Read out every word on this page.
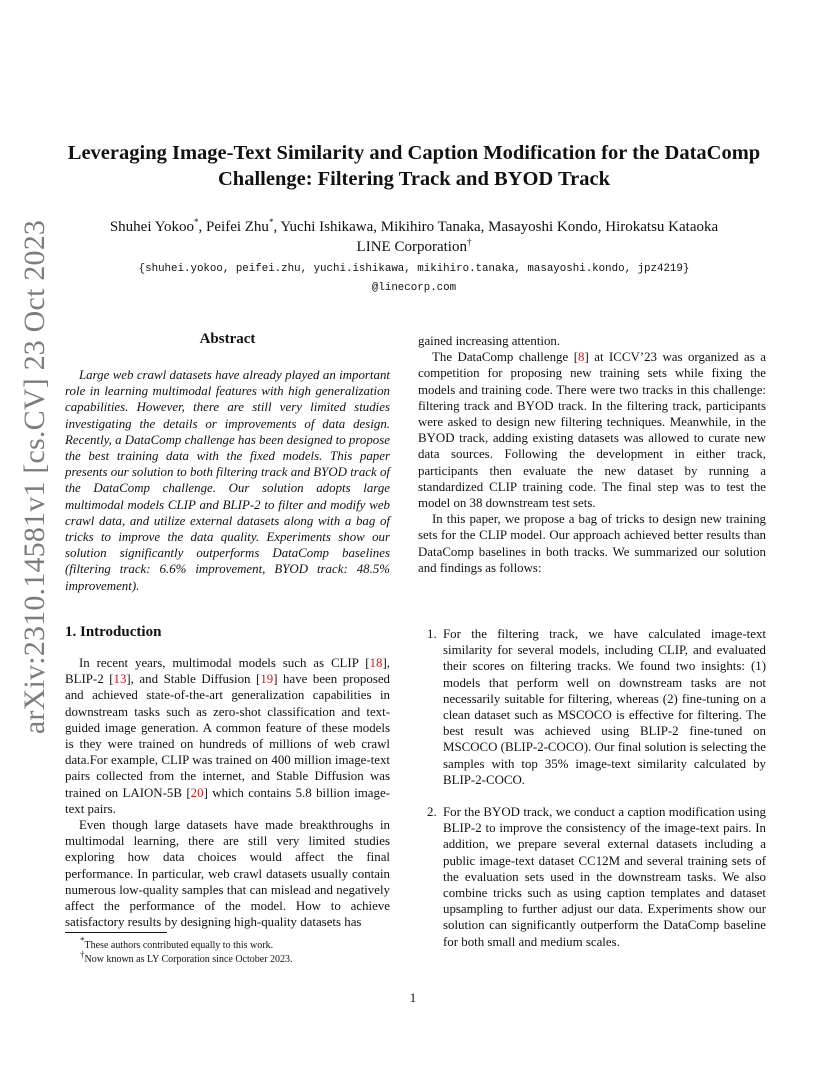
arXiv:2310.14581v1 [cs.CV] 23 Oct 2023
Leveraging Image-Text Similarity and Caption Modification for the DataComp
Challenge: Filtering Track and BYOD Track
Shuhei Yokoo*, Peifei Zhu*, Yuchi Ishikawa, Mikihiro Tanaka, Masayoshi Kondo, Hirokatsu Kataoka
LINE Corporation†
{shuhei.yokoo, peifei.zhu, yuchi.ishikawa, mikihiro.tanaka, masayoshi.kondo, jpz4219}
@linecorp.com
Abstract

Large web crawl datasets have already played an important role in learning multimodal features with high generalization capabilities. However, there are still very limited studies investigating the details or improvements of data design. Recently, a DataComp challenge has been designed to propose the best training data with the fixed models. This paper presents our solution to both filtering track and BYOD track of the DataComp challenge. Our solution adopts large multimodal models CLIP and BLIP-2 to filter and modify web crawl data, and utilize external datasets along with a bag of tricks to improve the data quality. Experiments show our solution significantly outperforms DataComp baselines (filtering track: 6.6% improvement, BYOD track: 48.5% improvement).

1. Introduction

In recent years, multimodal models such as CLIP [18], BLIP-2 [13], and Stable Diffusion [19] have been proposed and achieved state-of-the-art generalization capabilities in downstream tasks such as zero-shot classification and text-guided image generation. A common feature of these models is they were trained on hundreds of millions of web crawl data.For example, CLIP was trained on 400 million image-text pairs collected from the internet, and Stable Diffusion was trained on LAION-5B [20] which contains 5.8 billion image-text pairs.

Even though large datasets have made breakthroughs in multimodal learning, there are still very limited studies exploring how data choices would affect the final performance. In particular, web crawl datasets usually contain numerous low-quality samples that can mislead and negatively affect the performance of the model. How to achieve satisfactory results by designing high-quality datasets has

gained increasing attention.

The DataComp challenge [8] at ICCV’23 was organized as a competition for proposing new training sets while fixing the models and training code. There were two tracks in this challenge: filtering track and BYOD track. In the filtering track, participants were asked to design new filtering techniques. Meanwhile, in the BYOD track, adding existing datasets was allowed to curate new data sources. Following the development in either track, participants then evaluate the new dataset by running a standardized CLIP training code. The final step was to test the model on 38 downstream test sets.

In this paper, we propose a bag of tricks to design new training sets for the CLIP model. Our approach achieved better results than DataComp baselines in both tracks. We summarized our solution and findings as follows:

1. For the filtering track, we have calculated image-text similarity for several models, including CLIP, and evaluated their scores on filtering tracks. We found two insights: (1) models that perform well on downstream tasks are not necessarily suitable for filtering, whereas (2) fine-tuning on a clean dataset such as MSCOCO is effective for filtering. The best result was achieved using BLIP-2 fine-tuned on MSCOCO (BLIP-2-COCO). Our final solution is selecting the samples with top 35% image-text similarity calculated by BLIP-2-COCO.
2. For the BYOD track, we conduct a caption modification using BLIP-2 to improve the consistency of the image-text pairs. In addition, we prepare several external datasets including a public image-text dataset CC12M and several training sets of the evaluation sets used in the downstream tasks. We also combine tricks such as using caption templates and dataset upsampling to further adjust our data. Experiments show our solution can significantly outperform the DataComp baseline for both small and medium scales.
*These authors contributed equally to this work.
†Now known as LY Corporation since October 2023.
1
